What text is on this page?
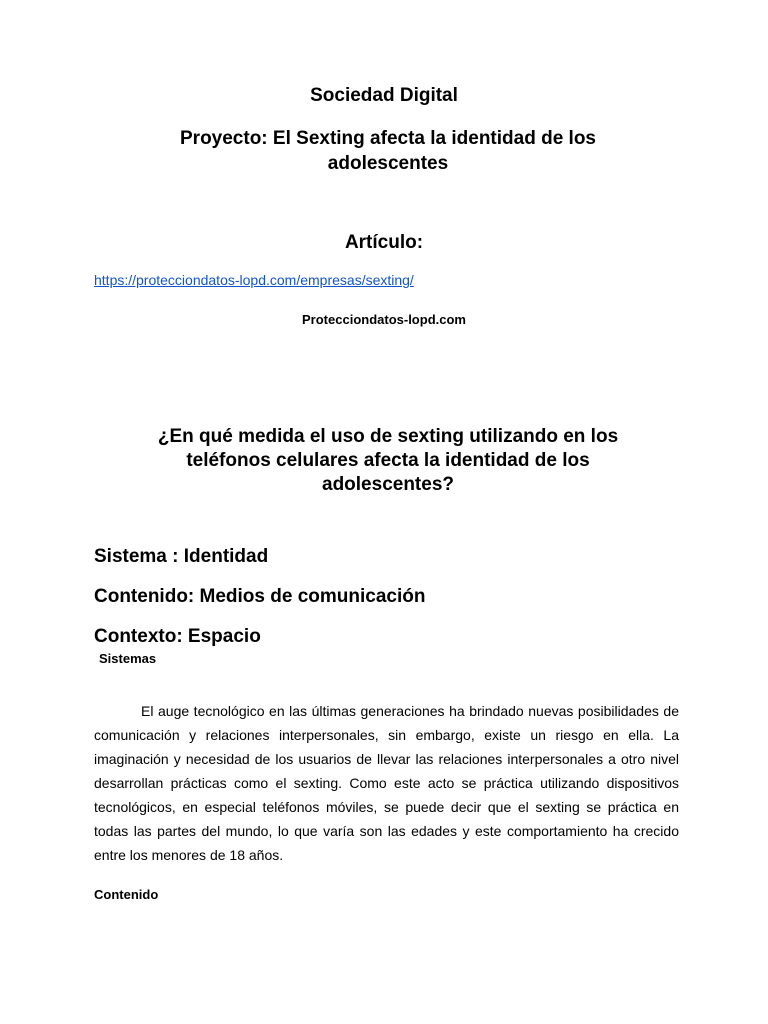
Sociedad Digital
Proyecto: El Sexting afecta la identidad de los adolescentes
Artículo:
https://protecciondatos-lopd.com/empresas/sexting/
Protecciondatos-lopd.com
¿En qué medida el uso de sexting utilizando en los teléfonos celulares afecta la identidad de los adolescentes?
Sistema : Identidad
Contenido: Medios de comunicación
Contexto: Espacio
Sistemas

El auge tecnológico en las últimas generaciones ha brindado nuevas posibilidades de comunicación y relaciones interpersonales, sin embargo, existe un riesgo en ella. La imaginación y necesidad de los usuarios de llevar las relaciones interpersonales a otro nivel desarrollan prácticas como el sexting. Como este acto se práctica utilizando dispositivos tecnológicos, en especial teléfonos móviles, se puede decir que el sexting se práctica en todas las partes del mundo, lo que varía son las edades y este comportamiento ha crecido entre los menores de 18 años.

Contenido
